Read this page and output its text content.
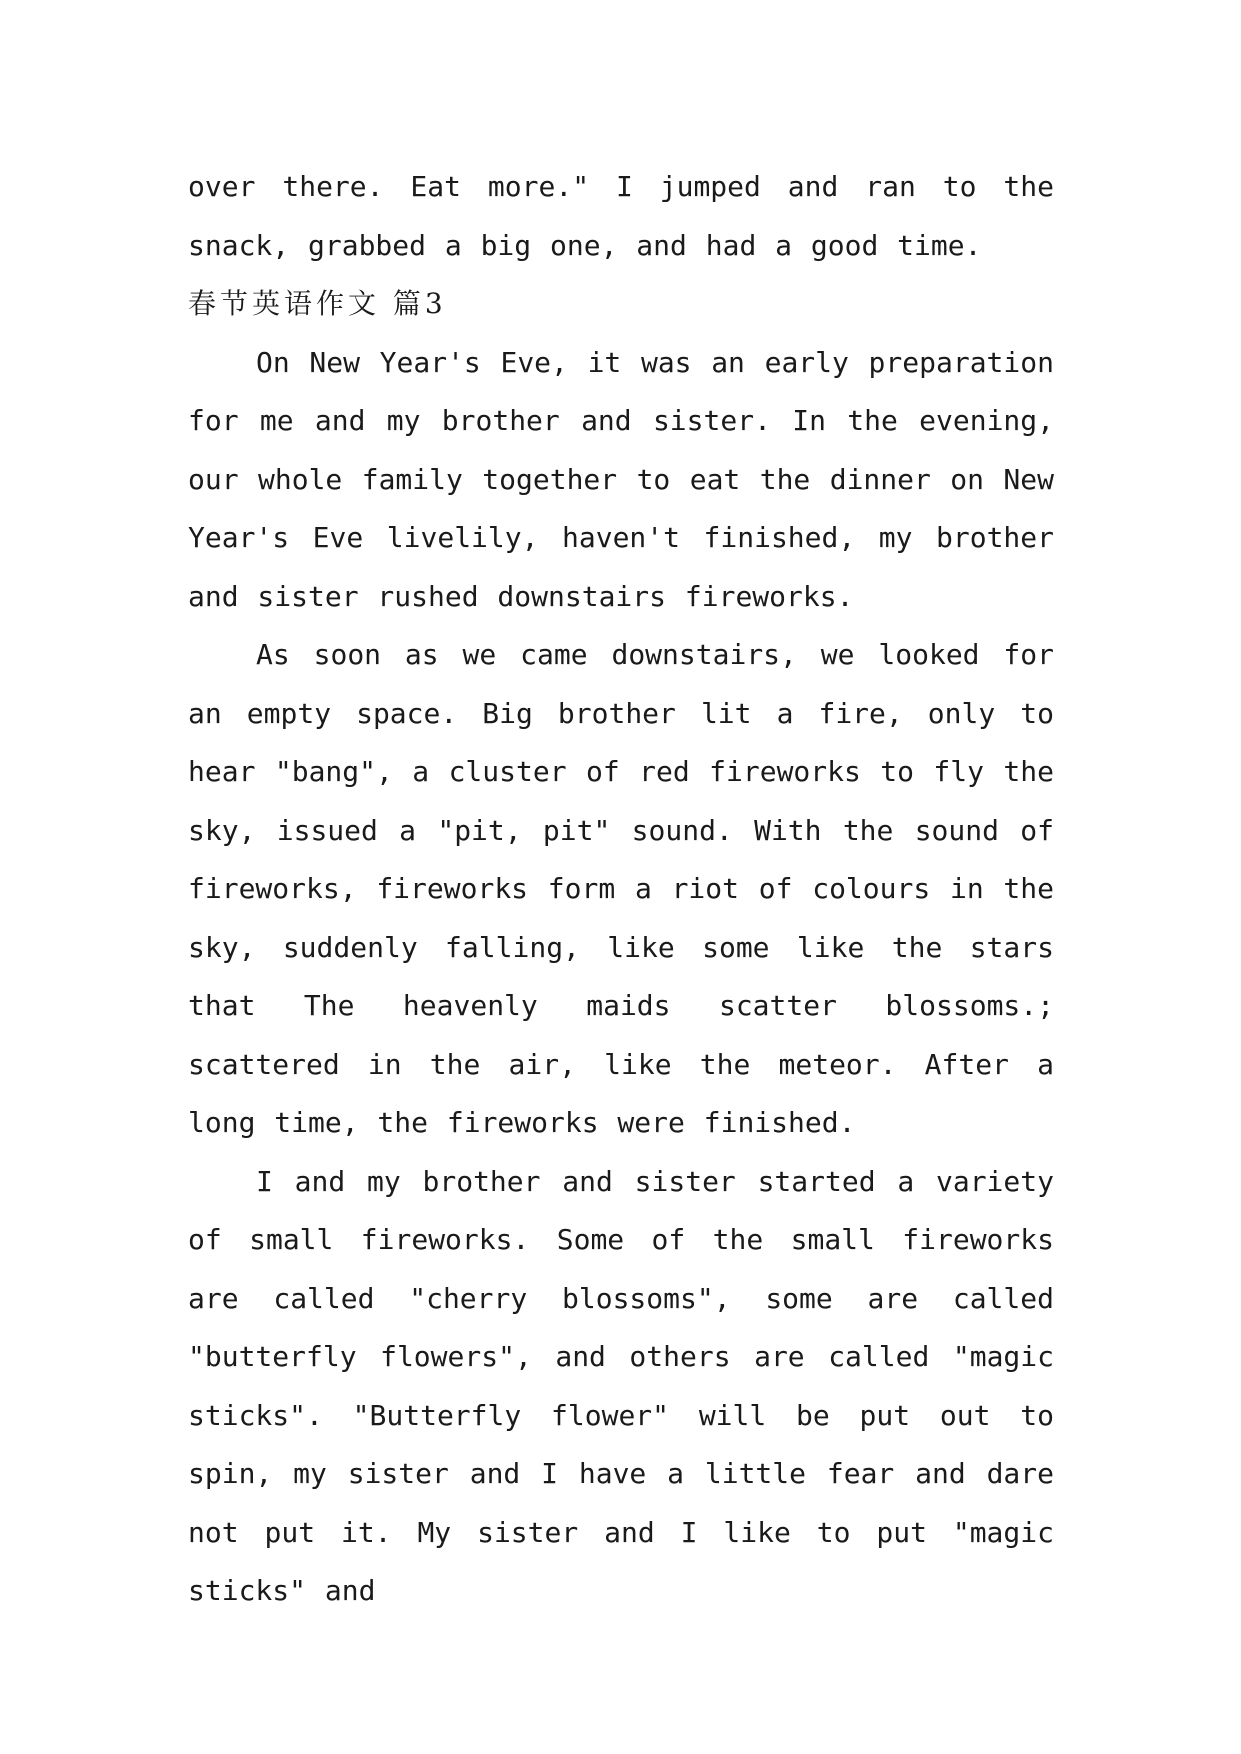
over there. Eat more." I jumped and ran to the snack, grabbed a big one, and had a good time.

春节英语作文 篇3

On New Year's Eve, it was an early preparation for me and my brother and sister. In the evening, our whole family together to eat the dinner on New Year's Eve livelily, haven't finished, my brother and sister rushed downstairs fireworks.

As soon as we came downstairs, we looked for an empty space. Big brother lit a fire, only to hear "bang", a cluster of red fireworks to fly the sky, issued a "pit, pit" sound. With the sound of fireworks, fireworks form a riot of colours in the sky, suddenly falling, like some like the stars that The heavenly maids scatter blossoms.; scattered in the air, like the meteor. After a long time, the fireworks were finished.

I and my brother and sister started a variety of small fireworks. Some of the small fireworks are called "cherry blossoms", some are called "butterfly flowers", and others are called "magic sticks". "Butterfly flower" will be put out to spin, my sister and I have a little fear and dare not put it. My sister and I like to put "magic sticks" and
